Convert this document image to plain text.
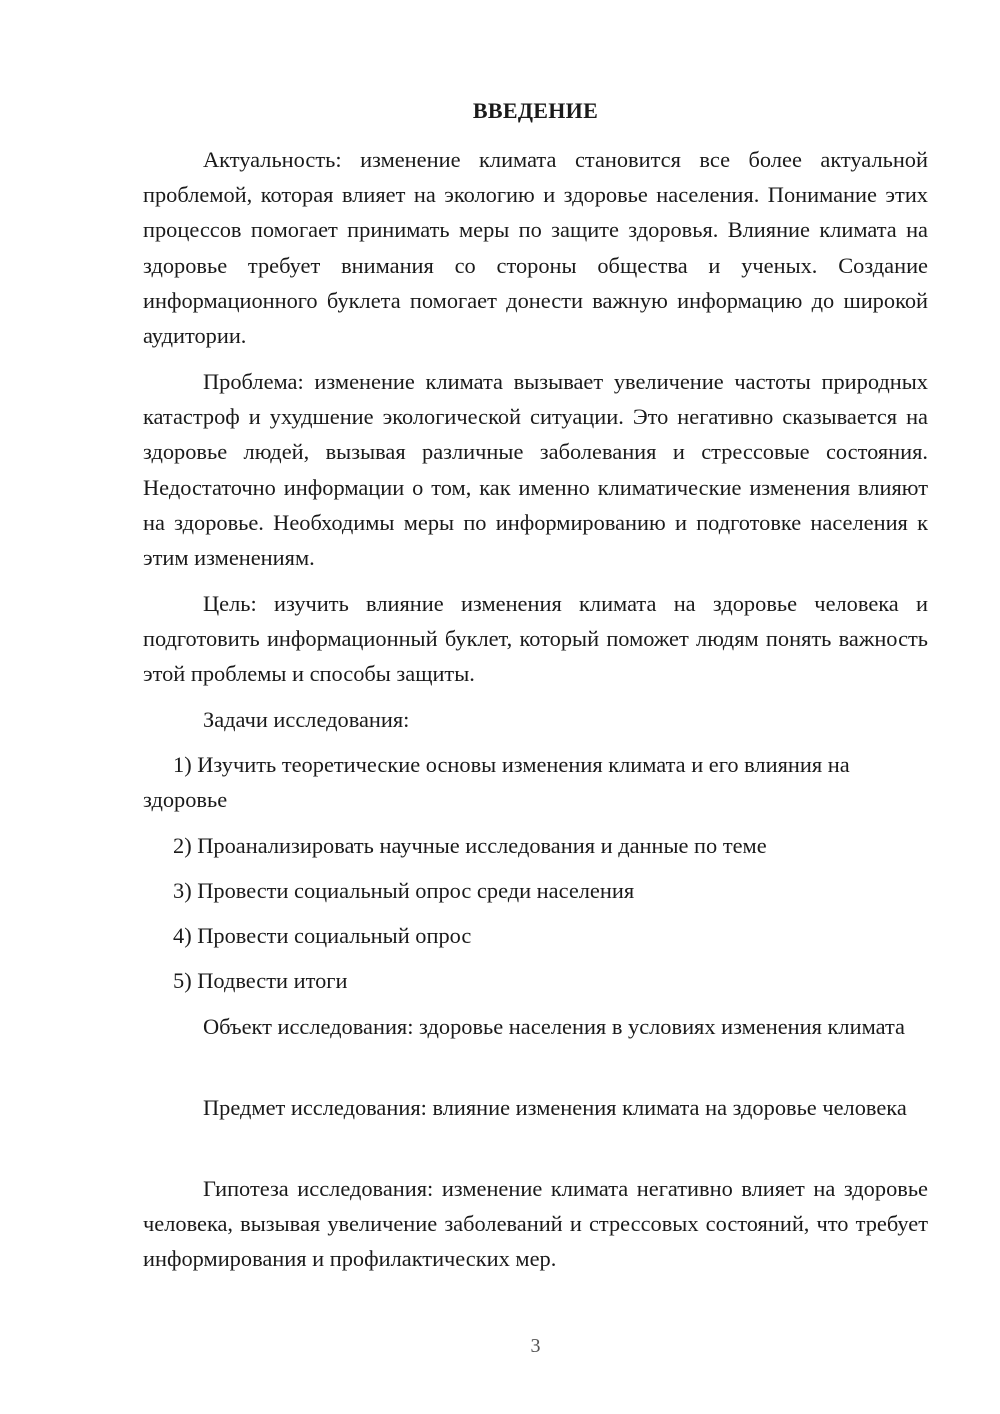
ВВЕДЕНИЕ

Актуальность: изменение климата становится все более актуальной проблемой, которая влияет на экологию и здоровье населения. Понимание этих процессов помогает принимать меры по защите здоровья. Влияние климата на здоровье требует внимания со стороны общества и ученых. Создание информационного буклета помогает донести важную информацию до широкой аудитории.

Проблема: изменение климата вызывает увеличение частоты природных катастроф и ухудшение экологической ситуации. Это негативно сказывается на здоровье людей, вызывая различные заболевания и стрессовые состояния. Недостаточно информации о том, как именно климатические изменения влияют на здоровье. Необходимы меры по информированию и подготовке населения к этим изменениям.

Цель: изучить влияние изменения климата на здоровье человека и подготовить информационный буклет, который поможет людям понять важность этой проблемы и способы защиты.

Задачи исследования:

1) Изучить теоретические основы изменения климата и его влияния на здоровье

2) Проанализировать научные исследования и данные по теме

3) Провести социальный опрос среди населения

4) Провести социальный опрос

5) Подвести итоги

Объект исследования: здоровье населения в условиях изменения климата

Предмет исследования: влияние изменения климата на здоровье человека

Гипотеза исследования: изменение климата негативно влияет на здоровье человека, вызывая увеличение заболеваний и стрессовых состояний, что требует информирования и профилактических мер.

3
